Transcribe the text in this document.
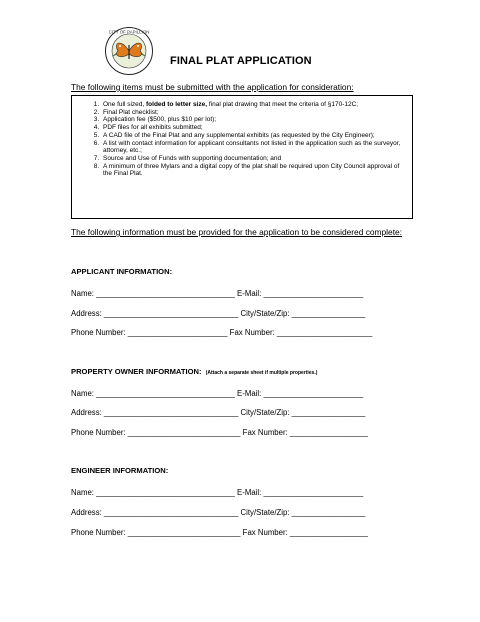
CITY OF PAPILLION
FINAL PLAT APPLICATION
The following items must be submitted with the application for consideration:
1. One full sized, folded to letter size, final plat drawing that meet the criteria of §170-12C;
2. Final Plat checklist;
3. Application fee ($500, plus $10 per lot);
4. PDF files for all exhibits submitted;
5. A CAD file of the Final Plat and any supplemental exhibits (as requested by the City Engineer);
6. A list with contact information for applicant consultants not listed in the application such as the surveyor, attorney, etc.;
7. Source and Use of Funds with supporting documentation; and
8. A minimum of three Mylars and a digital copy of the plat shall be required upon City Council approval of the Final Plat.
The following information must be provided for the application to be considered complete:
APPLICANT INFORMATION:
Name: ________________________________ E-Mail: _______________________
Address: _______________________________ City/State/Zip: _________________
Phone Number: _______________________ Fax Number: ______________________
PROPERTY OWNER INFORMATION: (Attach a separate sheet if multiple properties.)
Name: ________________________________ E-Mail: _______________________
Address: _______________________________ City/State/Zip: _________________
Phone Number: __________________________ Fax Number: __________________
ENGINEER INFORMATION:
Name: ________________________________ E-Mail: _______________________
Address: _______________________________ City/State/Zip: _________________
Phone Number: __________________________ Fax Number: __________________
